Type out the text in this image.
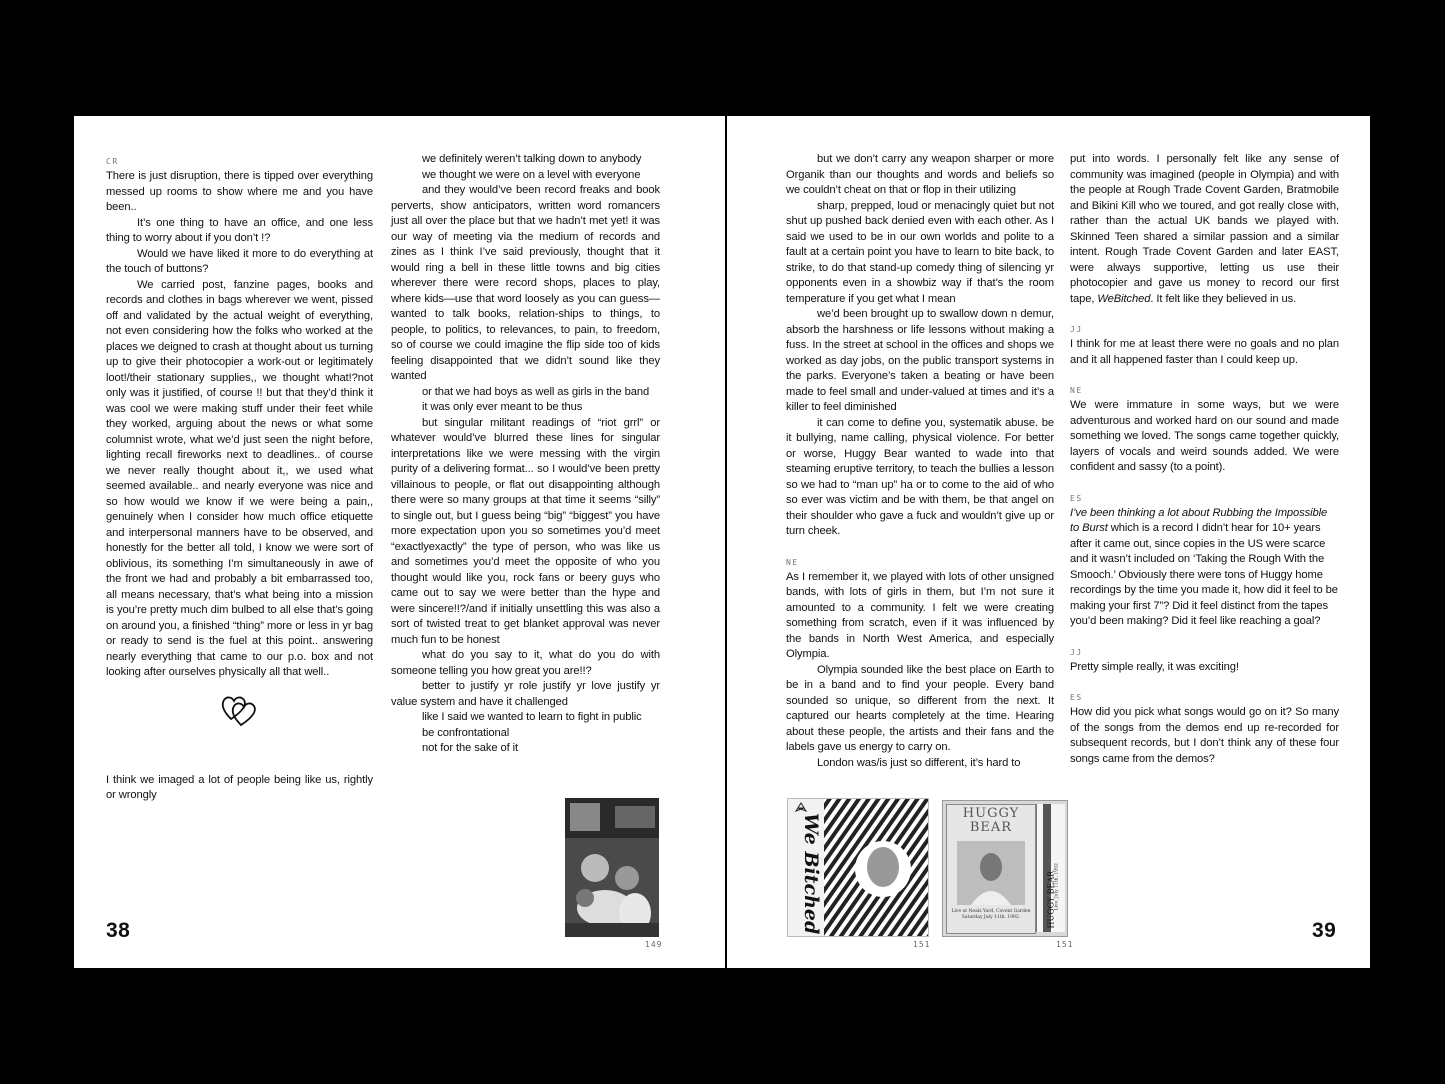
CR

There is just disruption, there is tipped over everything messed up rooms to show where me and you have been..

It’s one thing to have an office, and one less thing to worry about if you don’t !?

Would we have liked it more to do everything at the touch of buttons?

We carried post, fanzine pages, books and records and clothes in bags wherever we went, pissed off and validated by the actual weight of everything, not even considering how the folks who worked at the places we deigned to crash at thought about us turning up to give their photocopier a work-out or legitimately loot!/their stationary supplies,, we thought what!?not only was it justified, of course !! but that they’d think it was cool we were making stuff under their feet while they worked, arguing about the news or what some columnist wrote, what we’d just seen the night before, lighting recall fireworks next to deadlines.. of course we never really thought about it,, we used what seemed available.. and nearly everyone was nice and so how would we know if we were being a pain,, genuinely when I consider how much office etiquette and interpersonal manners have to be observed, and honestly for the better all told, I know we were sort of oblivious, its something I’m simultaneously in awe of the front we had and probably a bit embarrassed too, all means necessary, that’s what being into a mission is you’re pretty much dim bulbed to all else that’s going on around you, a finished “thing” more or less in yr bag or ready to send is the fuel at this point.. answering nearly everything that came to our p.o. box and not looking after ourselves physically all that well..

I think we imaged a lot of people being like us, rightly or wrongly

we definitely weren’t talking down to anybody

we thought we were on a level with everyone

and they would’ve been record freaks and book perverts, show anticipators, written word romancers just all over the place but that we hadn’t met yet! it was our way of meeting via the medium of records and zines as I think I’ve said previously, thought that it would ring a bell in these little towns and big cities wherever there were record shops, places to play, where kids—use that word loosely as you can guess—wanted to talk books, relation-ships to things, to people, to politics, to relevances, to pain, to freedom, so of course we could imagine the flip side too of kids feeling disappointed that we didn’t sound like they wanted

or that we had boys as well as girls in the band

it was only ever meant to be thus

but singular militant readings of “riot grrl” or whatever would’ve blurred these lines for singular interpretations like we were messing with the virgin purity of a delivering format... so I would’ve been pretty villainous to people, or flat out disappointing although there were so many groups at that time it seems “silly” to single out, but I guess being “big” “biggest” you have more expectation upon you so sometimes you’d meet “exactlyexactly” the type of person, who was like us and sometimes you’d meet the opposite of who you thought would like you, rock fans or beery guys who came out to say we were better than the hype and were sincere!!?/and if initially unsettling this was also a sort of twisted treat to get blanket approval was never much fun to be honest

what do you say to it, what do you do with someone telling you how great you are!!?

better to justify yr role justify yr love justify yr value system and have it challenged

like I said we wanted to learn to fight in public

be confrontational

not for the sake of it

149
38

but we don’t carry any weapon sharper or more Organik than our thoughts and words and beliefs so we couldn’t cheat on that or flop in their utilizing

sharp, prepped, loud or menacingly quiet but not shut up pushed back denied even with each other. As I said we used to be in our own worlds and polite to a fault at a certain point you have to learn to bite back, to strike, to do that stand-up comedy thing of silencing yr opponents even in a showbiz way if that’s the room temperature if you get what I mean

we’d been brought up to swallow down n demur, absorb the harshness or life lessons without making a fuss. In the street at school in the offices and shops we worked as day jobs, on the public transport systems in the parks. Everyone’s taken a beating or have been made to feel small and under-valued at times and it’s a killer to feel diminished

it can come to define you, systematik abuse. be it bullying, name calling, physical violence. For better or worse, Huggy Bear wanted to wade into that steaming eruptive territory, to teach the bullies a lesson so we had to “man up” ha or to come to the aid of who so ever was victim and be with them, be that angel on their shoulder who gave a fuck and wouldn’t give up or turn cheek.

NE

As I remember it, we played with lots of other unsigned bands, with lots of girls in them, but I’m not sure it amounted to a community. I felt we were creating something from scratch, even if it was influenced by the bands in North West America, and especially Olympia.

Olympia sounded like the best place on Earth to be in a band and to find your people. Every band sounded so unique, so different from the next. It captured our hearts completely at the time. Hearing about these people, the artists and their fans and the labels gave us energy to carry on.

London was/is just so different, it’s hard to

put into words. I personally felt like any sense of community was imagined (people in Olympia) and with the people at Rough Trade Covent Garden, Bratmobile and Bikini Kill who we toured, and got really close with, rather than the actual UK bands we played with. Skinned Teen shared a similar passion and a similar intent. Rough Trade Covent Garden and later EAST, were always supportive, letting us use their photocopier and gave us money to record our first tape, WeBitched. It felt like they believed in us.

JJ

I think for me at least there were no goals and no plan and it all happened faster than I could keep up.

NE

We were immature in some ways, but we were adventurous and worked hard on our sound and made something we loved. The songs came together quickly, layers of vocals and weird sounds added. We were confident and sassy (to a point).

ES

I’ve been thinking a lot about Rubbing the Impossible to Burst which is a record I didn’t hear for 10+ years after it came out, since copies in the US were scarce and it wasn’t included on ‘Taking the Rough With the Smooch.’ Obviously there were tons of Huggy home recordings by the time you made it, how did it feel to be making your first 7”? Did it feel distinct from the tapes you’d been making? Did it feel like reaching a goal?

JJ

Pretty simple really, it was exciting!

ES

How did you pick what songs would go on it? So many of the songs from the demos end up re-recorded for subsequent records, but I don’t think any of these four songs came from the demos?

We Bitched
151
HUGGY
BEAR
Live at Neals Yard, Covent Garden
Saturday July 11th. 1992.	HUGGY BEAR Live. July 11th, 1992
151
39
